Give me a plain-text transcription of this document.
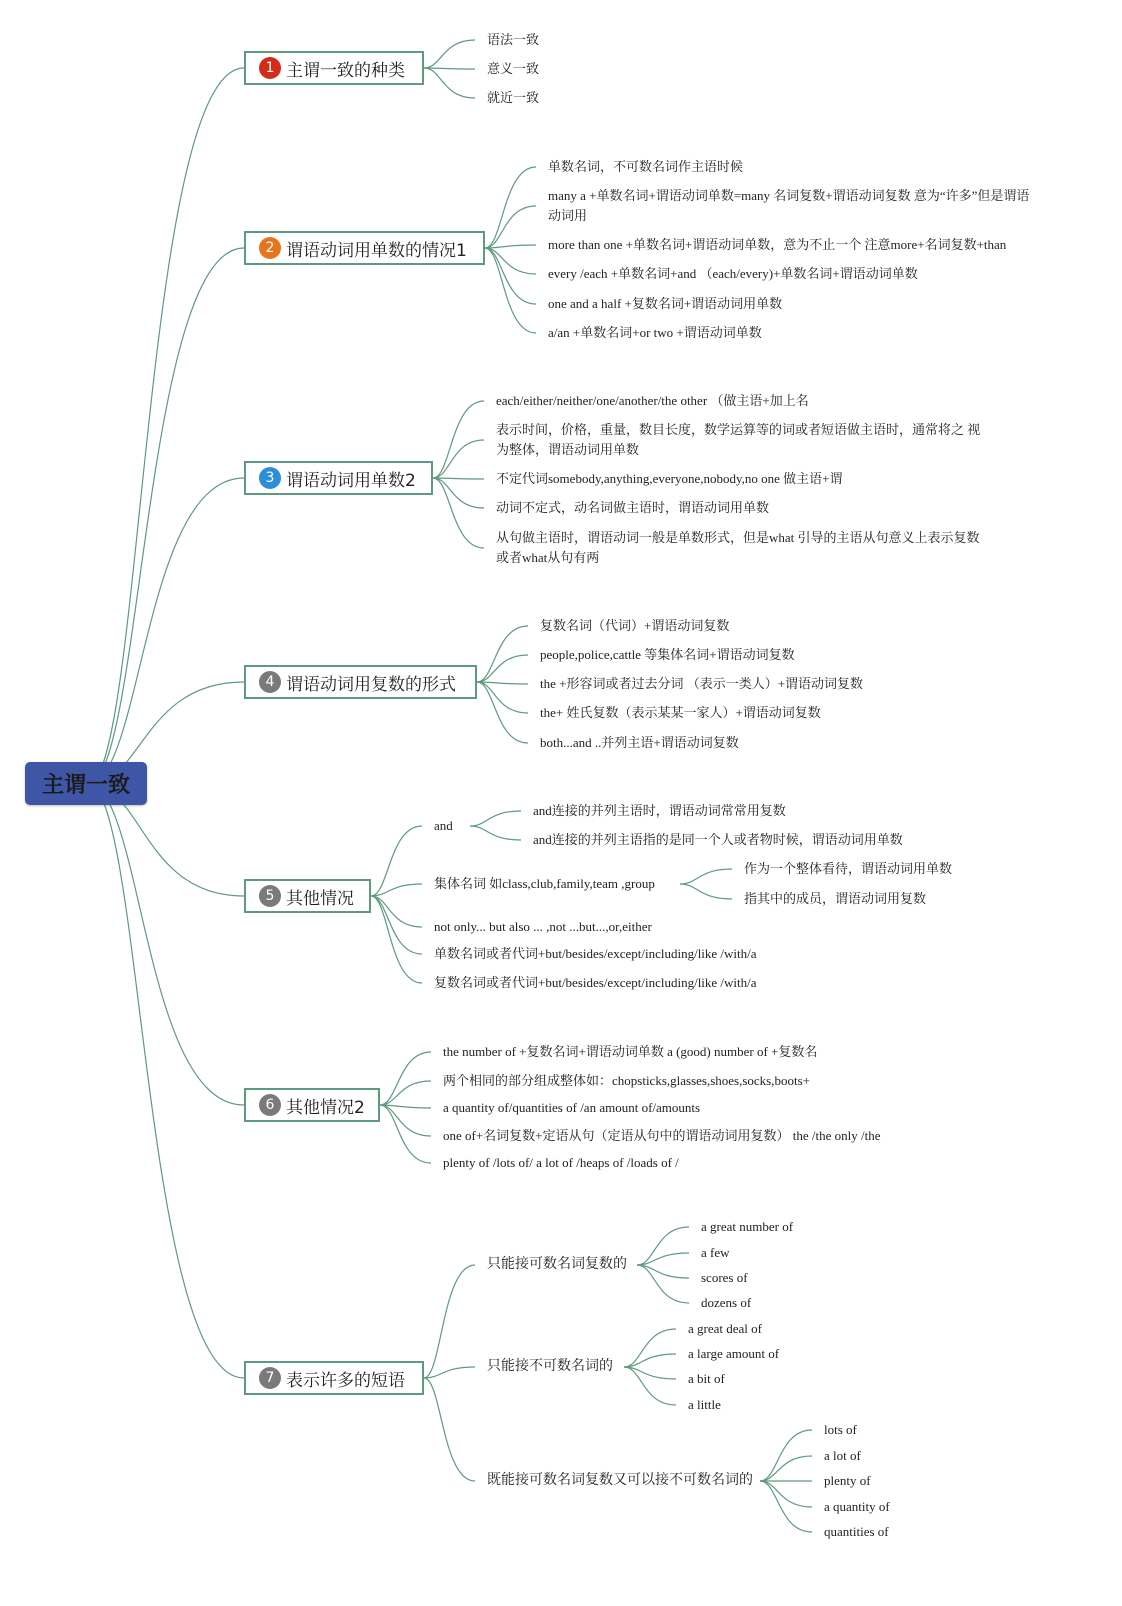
主谓一致
1 主谓一致的种类
语法一致
意义一致
就近一致
2 谓语动词用单数的情况1
单数名词，不可数名词作主语时候
many a +单数名词+谓语动词单数=many 名词复数+谓语动词复数 意为“许多”但是谓语动词用
more than one +单数名词+谓语动词单数，意为不止一个 注意more+名词复数+than
every /each +单数名词+and （each/every)+单数名词+谓语动词单数
one and a half +复数名词+谓语动词用单数
a/an +单数名词+or two +谓语动词单数
3 谓语动词用单数2
each/either/neither/one/another/the other （做主语+加上名
表示时间，价格，重量，数目长度，数学运算等的词或者短语做主语时，通常将之 视为整体，谓语动词用单数
不定代词somebody,anything,everyone,nobody,no one 做主语+谓
动词不定式，动名词做主语时，谓语动词用单数
从句做主语时，谓语动词一般是单数形式，但是what 引导的主语从句意义上表示复数或者what从句有两
4 谓语动词用复数的形式
复数名词（代词）+谓语动词复数
people,police,cattle 等集体名词+谓语动词复数
the +形容词或者过去分词 （表示一类人）+谓语动词复数
the+ 姓氏复数（表示某某一家人）+谓语动词复数
both...and ..并列主语+谓语动词复数
5 其他情况
and
and连接的并列主语时，谓语动词常常用复数
and连接的并列主语指的是同一个人或者物时候，谓语动词用单数
集体名词 如class,club,family,team ,group
作为一个整体看待，谓语动词用单数
指其中的成员，谓语动词用复数
not only... but also ... ,not ...but...,or,either
单数名词或者代词+but/besides/except/including/like /with/a
复数名词或者代词+but/besides/except/including/like /with/a
6 其他情况2
the number of +复数名词+谓语动词单数 a (good) number of +复数名
两个相同的部分组成整体如：chopsticks,glasses,shoes,socks,boots+
a quantity of/quantities of /an amount of/amounts
one of+名词复数+定语从句（定语从句中的谓语动词用复数） the /the only /the
plenty of /lots of/ a lot of /heaps of /loads of /
7 表示许多的短语
只能接可数名词复数的
a great number of
a few
scores of
dozens of
只能接不可数名词的
a great deal of
a large amount of
a bit of
a little
既能接可数名词复数又可以接不可数名词的
lots of
a lot of
plenty of
a quantity of
quantities of
